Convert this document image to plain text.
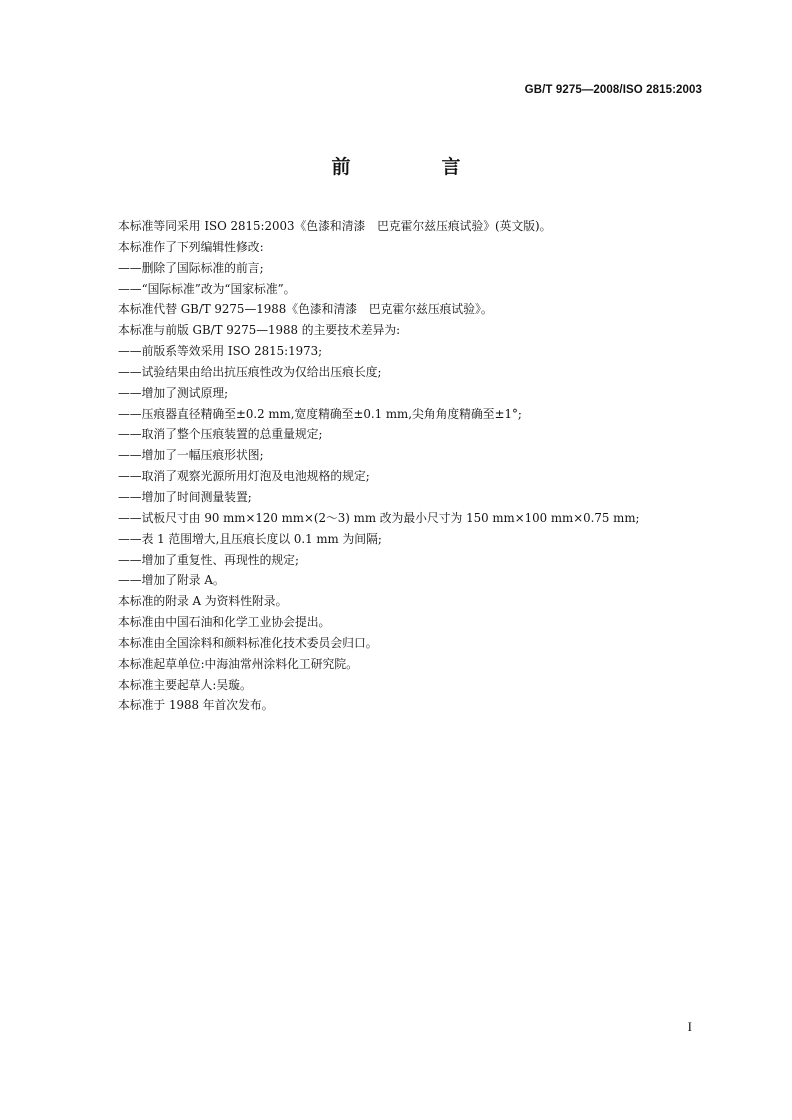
GB/T 9275—2008/ISO 2815:2003
前　言
本标准等同采用 ISO 2815:2003《色漆和清漆　巴克霍尔兹压痕试验》(英文版)。
本标准作了下列编辑性修改:
——删除了国际标准的前言;
——“国际标准”改为“国家标准”。
本标准代替 GB/T 9275—1988《色漆和清漆　巴克霍尔兹压痕试验》。
本标准与前版 GB/T 9275—1988 的主要技术差异为:
——前版系等效采用 ISO 2815:1973;
——试验结果由给出抗压痕性改为仅给出压痕长度;
——增加了测试原理;
——压痕器直径精确至±0.2 mm,宽度精确至±0.1 mm,尖角角度精确至±1°;
——取消了整个压痕装置的总重量规定;
——增加了一幅压痕形状图;
——取消了观察光源所用灯泡及电池规格的规定;
——增加了时间测量装置;
——试板尺寸由 90 mm×120 mm×(2～3) mm 改为最小尺寸为 150 mm×100 mm×0.75 mm;
——表 1 范围增大,且压痕长度以 0.1 mm 为间隔;
——增加了重复性、再现性的规定;
——增加了附录 A。
本标准的附录 A 为资料性附录。
本标准由中国石油和化学工业协会提出。
本标准由全国涂料和颜料标准化技术委员会归口。
本标准起草单位:中海油常州涂料化工研究院。
本标准主要起草人:吴璇。
本标准于 1988 年首次发布。
I
